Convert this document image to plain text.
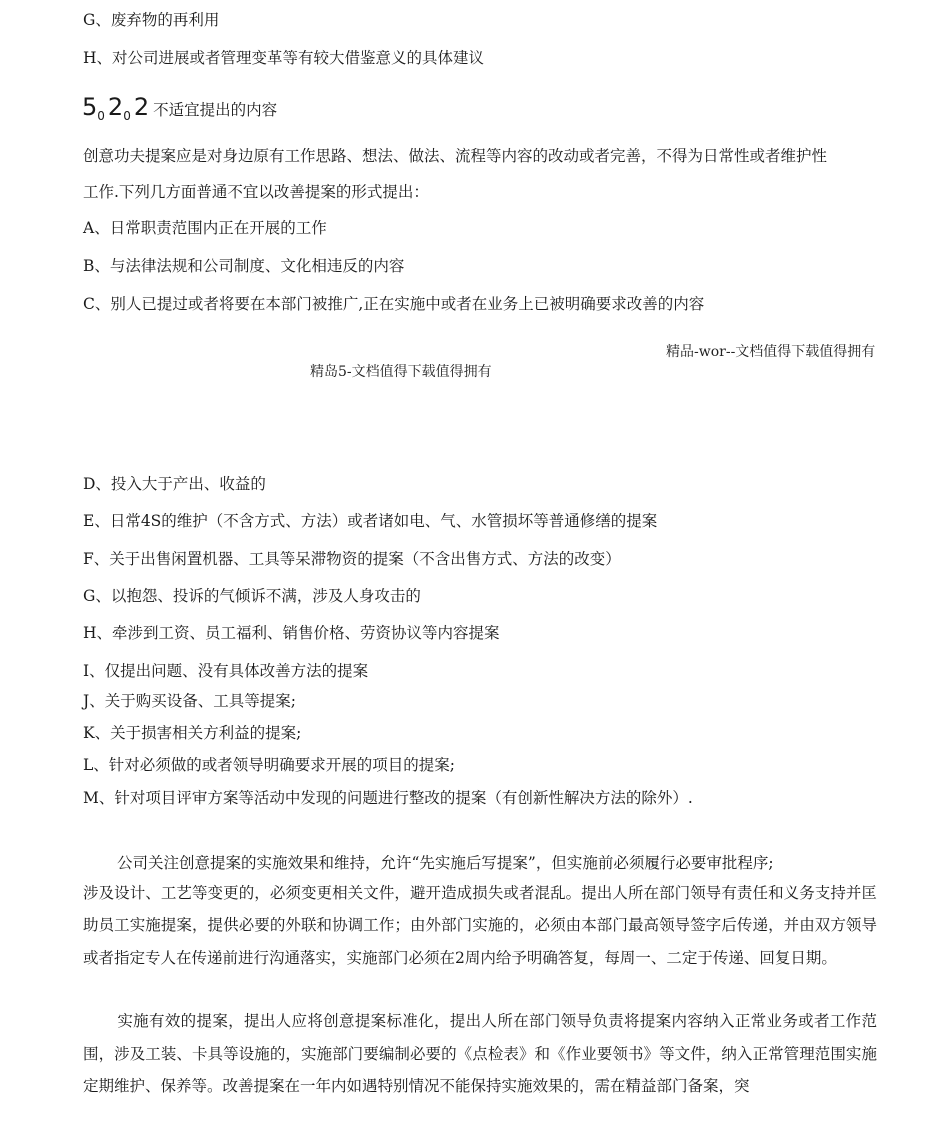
G、废弃物的再利用
H、对公司进展或者管理变革等有较大借鉴意义的具体建议
$5_0$ $2_0$ 2 不适宜提出的内容
创意功夫提案应是对身边原有工作思路、想法、做法、流程等内容的改动或者完善，不得为日常性或者维护性
工作.下列几方面普通不宜以改善提案的形式提出：
A、日常职责范围内正在开展的工作
B、与法律法规和公司制度、文化相违反的内容
C、别人已提过或者将要在本部门被推广,正在实施中或者在业务上已被明确要求改善的内容
精品-wor--文档值得下载值得拥有
精岛5-文档值得下载值得拥有
D、投入大于产出、收益的
E、日常4S的维护（不含方式、方法）或者诸如电、气、水管损坏等普通修缮的提案
F、关于出售闲置机器、工具等呆滞物资的提案（不含出售方式、方法的改变）
G、以抱怨、投诉的气倾诉不满，涉及人身攻击的
H、牵涉到工资、员工福利、销售价格、劳资协议等内容提案
I、仅提出问题、没有具体改善方法的提案
J、关于购买设备、工具等提案;
K、关于损害相关方利益的提案;
L、针对必须做的或者领导明确要求开展的项目的提案;
M、针对项目评审方案等活动中发现的问题进行整改的提案（有创新性解决方法的除外）.
公司关注创意提案的实施效果和维持，允许“先实施后写提案”，但实施前必须履行必要审批程序;
涉及设计、工艺等变更的，必须变更相关文件，避开造成损失或者混乱。提出人所在部门领导有责任和义务支持并匡助员工实施提案，提供必要的外联和协调工作；由外部门实施的，必须由本部门最高领导签字后传递，并由双方领导或者指定专人在传递前进行沟通落实，实施部门必须在2周内给予明确答复，每周一、二定于传递、回复日期。
实施有效的提案，提出人应将创意提案标准化，提出人所在部门领导负责将提案内容纳入正常业务或者工作范围，涉及工装、卡具等设施的，实施部门要编制必要的《点检表》和《作业要领书》等文件，纳入正常管理范围实施定期维护、保养等。改善提案在一年内如遇特别情况不能保持实施效果的，需在精益部门备案，突
